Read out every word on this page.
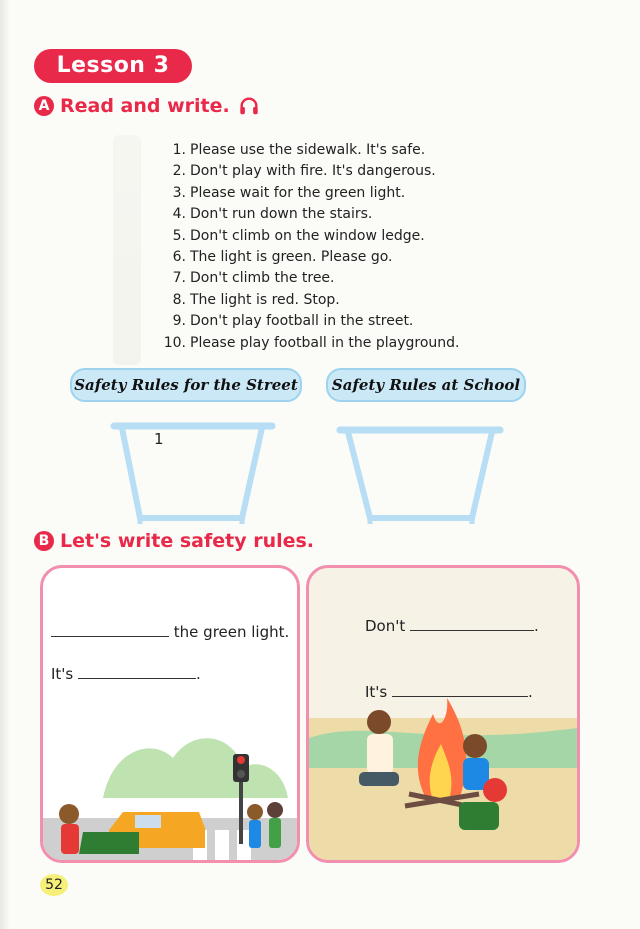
Lesson 3
A Read and write.
1. Please use the sidewalk. It's safe.
2. Don't play with fire. It's dangerous.
3. Please wait for the green light.
4. Don't run down the stairs.
5. Don't climb on the window ledge.
6. The light is green. Please go.
7. Don't climb the tree.
8. The light is red. Stop.
9. Don't play football in the street.
10. Please play football in the playground.
Safety Rules for the Street
1
Safety Rules at School
B Let's write safety rules.
the green light.
It's	.
Don't	.
It's	.
52
